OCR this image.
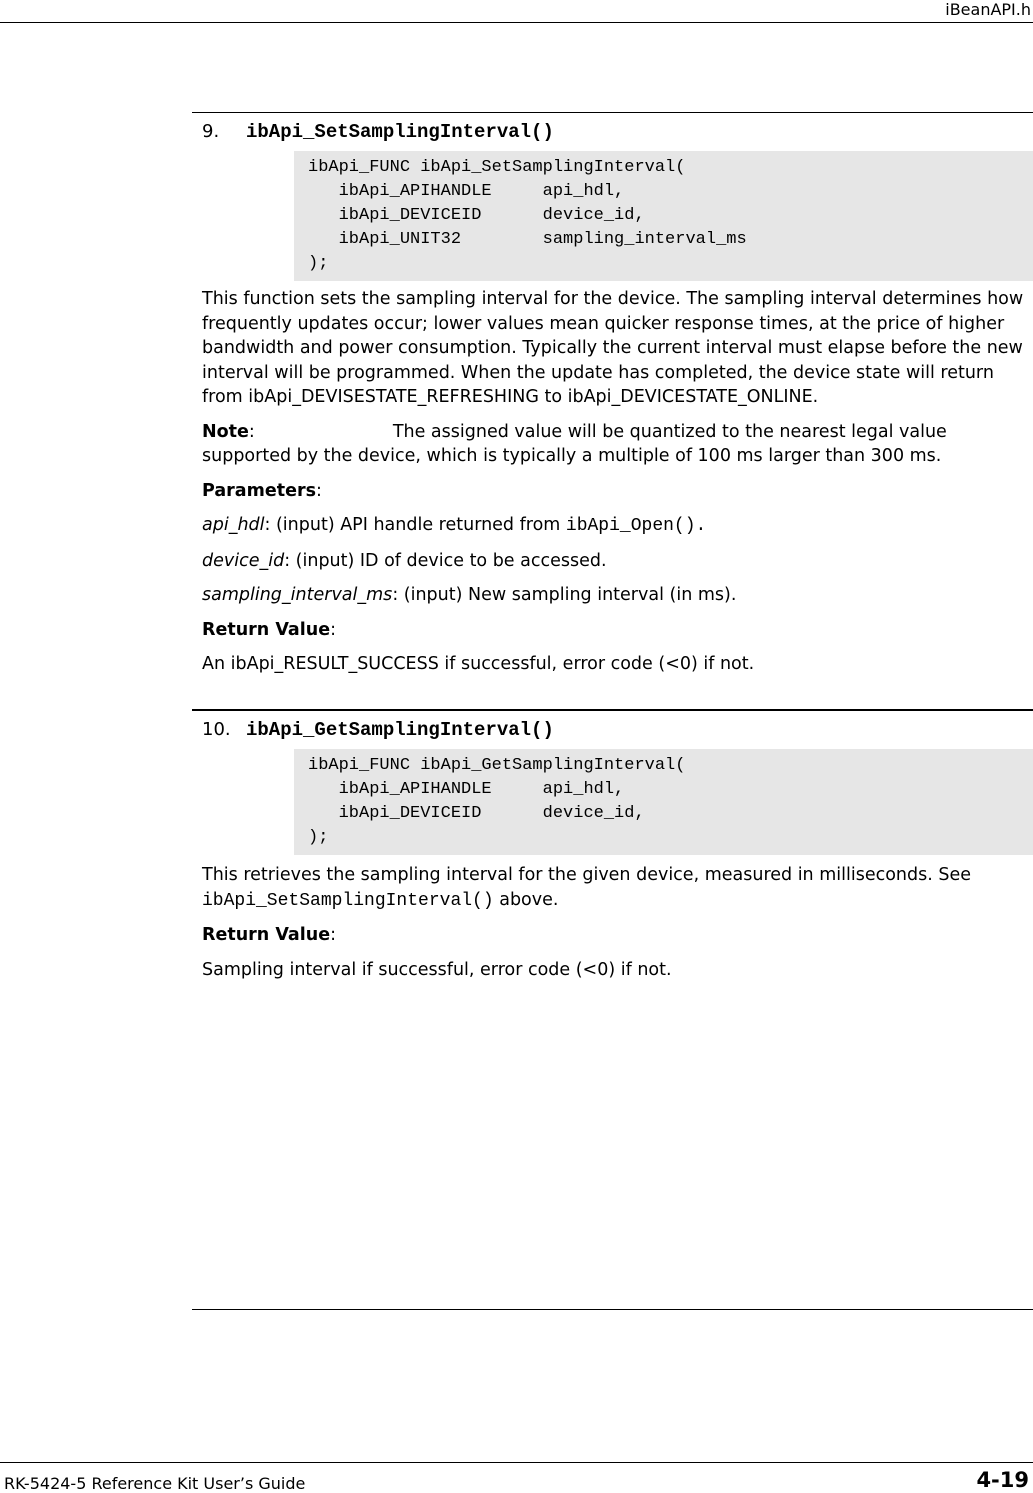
iBeanAPI.h
9. ibApi_SetSamplingInterval()
ibApi_FUNC ibApi_SetSamplingInterval(
ibApi_APIHANDLE     api_hdl,
ibApi_DEVICEID      device_id,
ibApi_UNIT32        sampling_interval_ms
);
This function sets the sampling interval for the device. The sampling interval determines how frequently updates occur; lower values mean quicker response times, at the price of higher bandwidth and power consumption. Typically the current interval must elapse before the new interval will be programmed. When the update has completed, the device state will return from ibApi_DEVISESTATE_REFRESHING to ibApi_DEVICESTATE_ONLINE.
Note:	The assigned value will be quantized to the nearest legal value supported by the device, which is typically a multiple of 100 ms larger than 300 ms.
Parameters:
api_hdl: (input) API handle returned from ibApi_Open().
device_id: (input) ID of device to be accessed.
sampling_interval_ms: (input) New sampling interval (in ms).
Return Value:
An ibApi_RESULT_SUCCESS if successful, error code (<0) if not.
10. ibApi_GetSamplingInterval()
ibApi_FUNC ibApi_GetSamplingInterval(
ibApi_APIHANDLE     api_hdl,
ibApi_DEVICEID      device_id,
);
This retrieves the sampling interval for the given device, measured in milliseconds. See ibApi_SetSamplingInterval() above.
Return Value:
Sampling interval if successful, error code (<0) if not.
RK-5424-5 Reference Kit User’s Guide	4-19
